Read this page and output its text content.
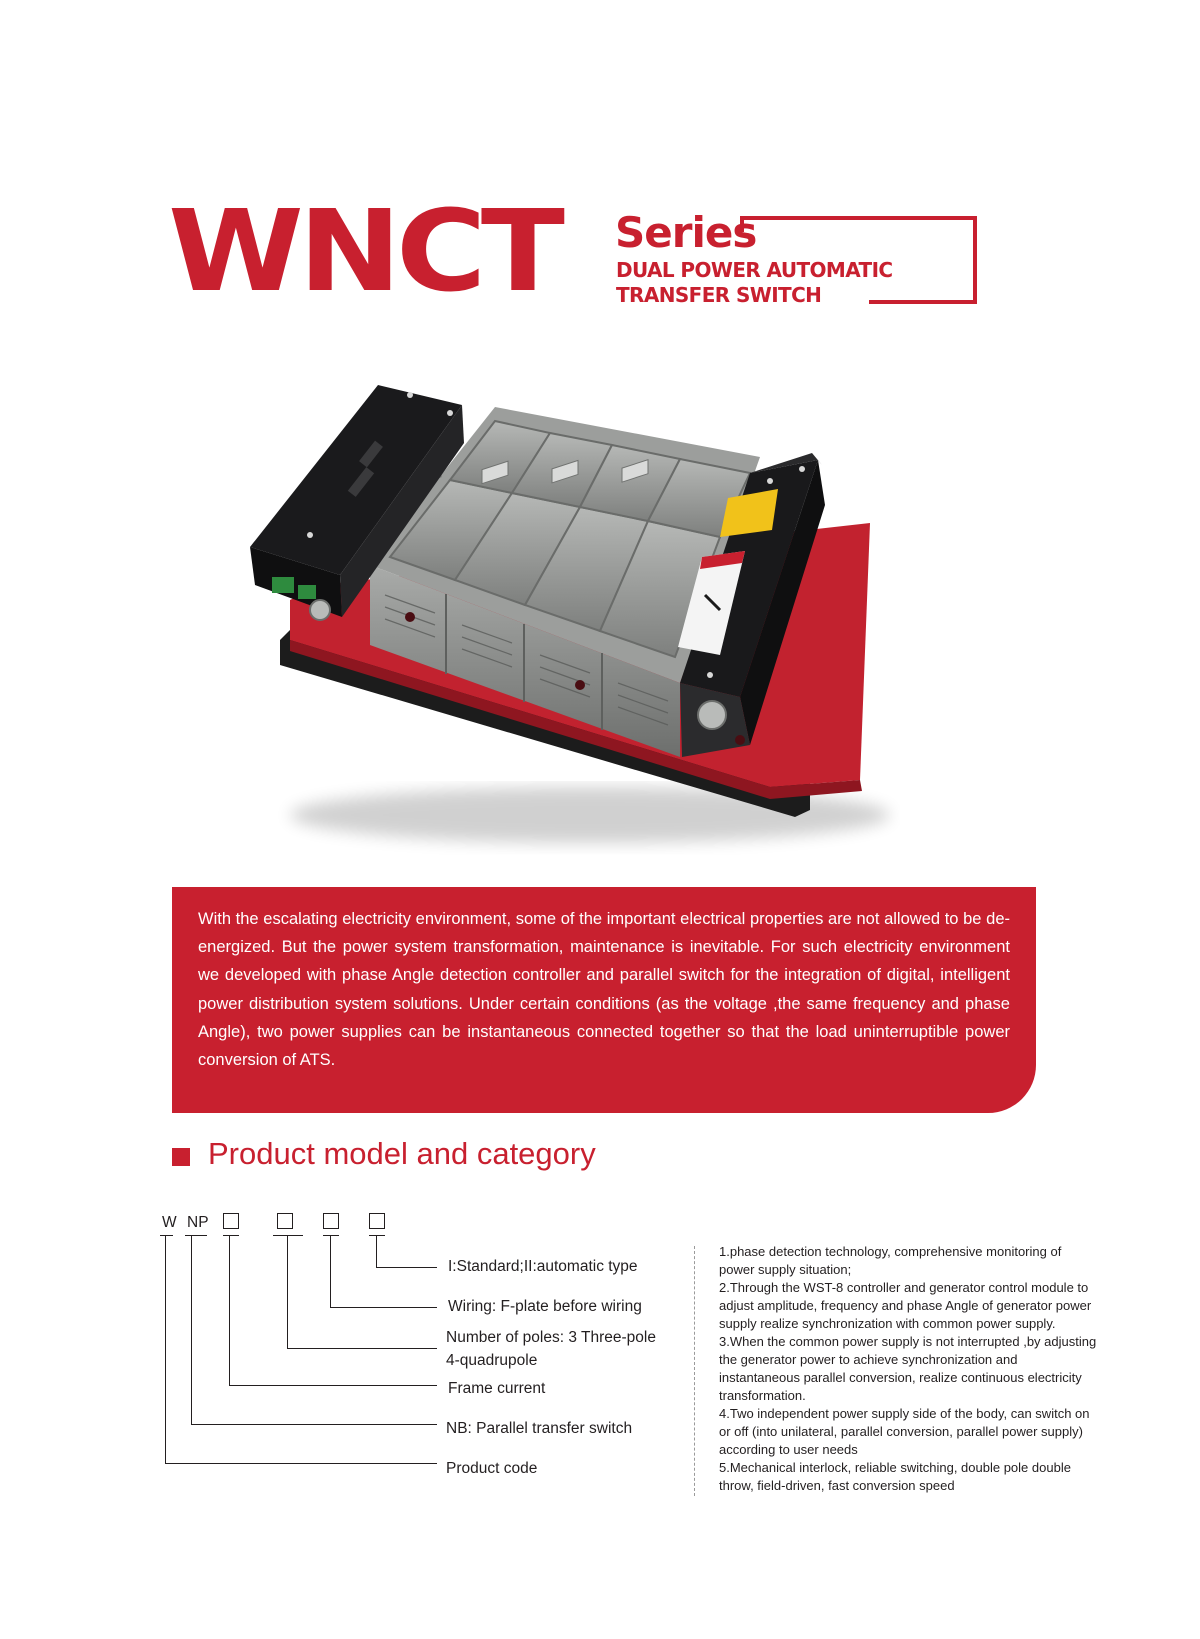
WNCT Series
DUAL POWER AUTOMATIC
TRANSFER SWITCH

With the escalating electricity environment, some of the important electrical properties are not allowed to be de-energized. But the power system transformation, maintenance is inevitable. For such electricity environment we developed with phase Angle detection controller and parallel switch for the integration of digital, intelligent power distribution system solutions. Under certain conditions (as the voltage ,the same frequency and phase Angle), two power supplies can be instantaneous connected together so that the load uninterruptible power conversion of ATS.

Product model and category
W NP
I:Standard;II:automatic type
Wiring: F-plate before wiring
Number of poles: 3 Three-pole
4-quadrupole
Frame current
NB: Parallel transfer switch
Product code
1.phase detection technology, comprehensive monitoring of power supply situation;
2.Through the WST-8 controller and generator control module to adjust amplitude, frequency and phase Angle of generator power supply realize synchronization with common power supply.
3.When the common power supply is not interrupted ,by adjusting the generator power to achieve synchronization and instantaneous parallel conversion, realize continuous electricity transformation.
4.Two independent power supply side of the body, can switch on or off (into unilateral, parallel conversion, parallel power supply) according to user needs
5.Mechanical interlock, reliable switching, double pole double throw, field-driven, fast conversion speed
